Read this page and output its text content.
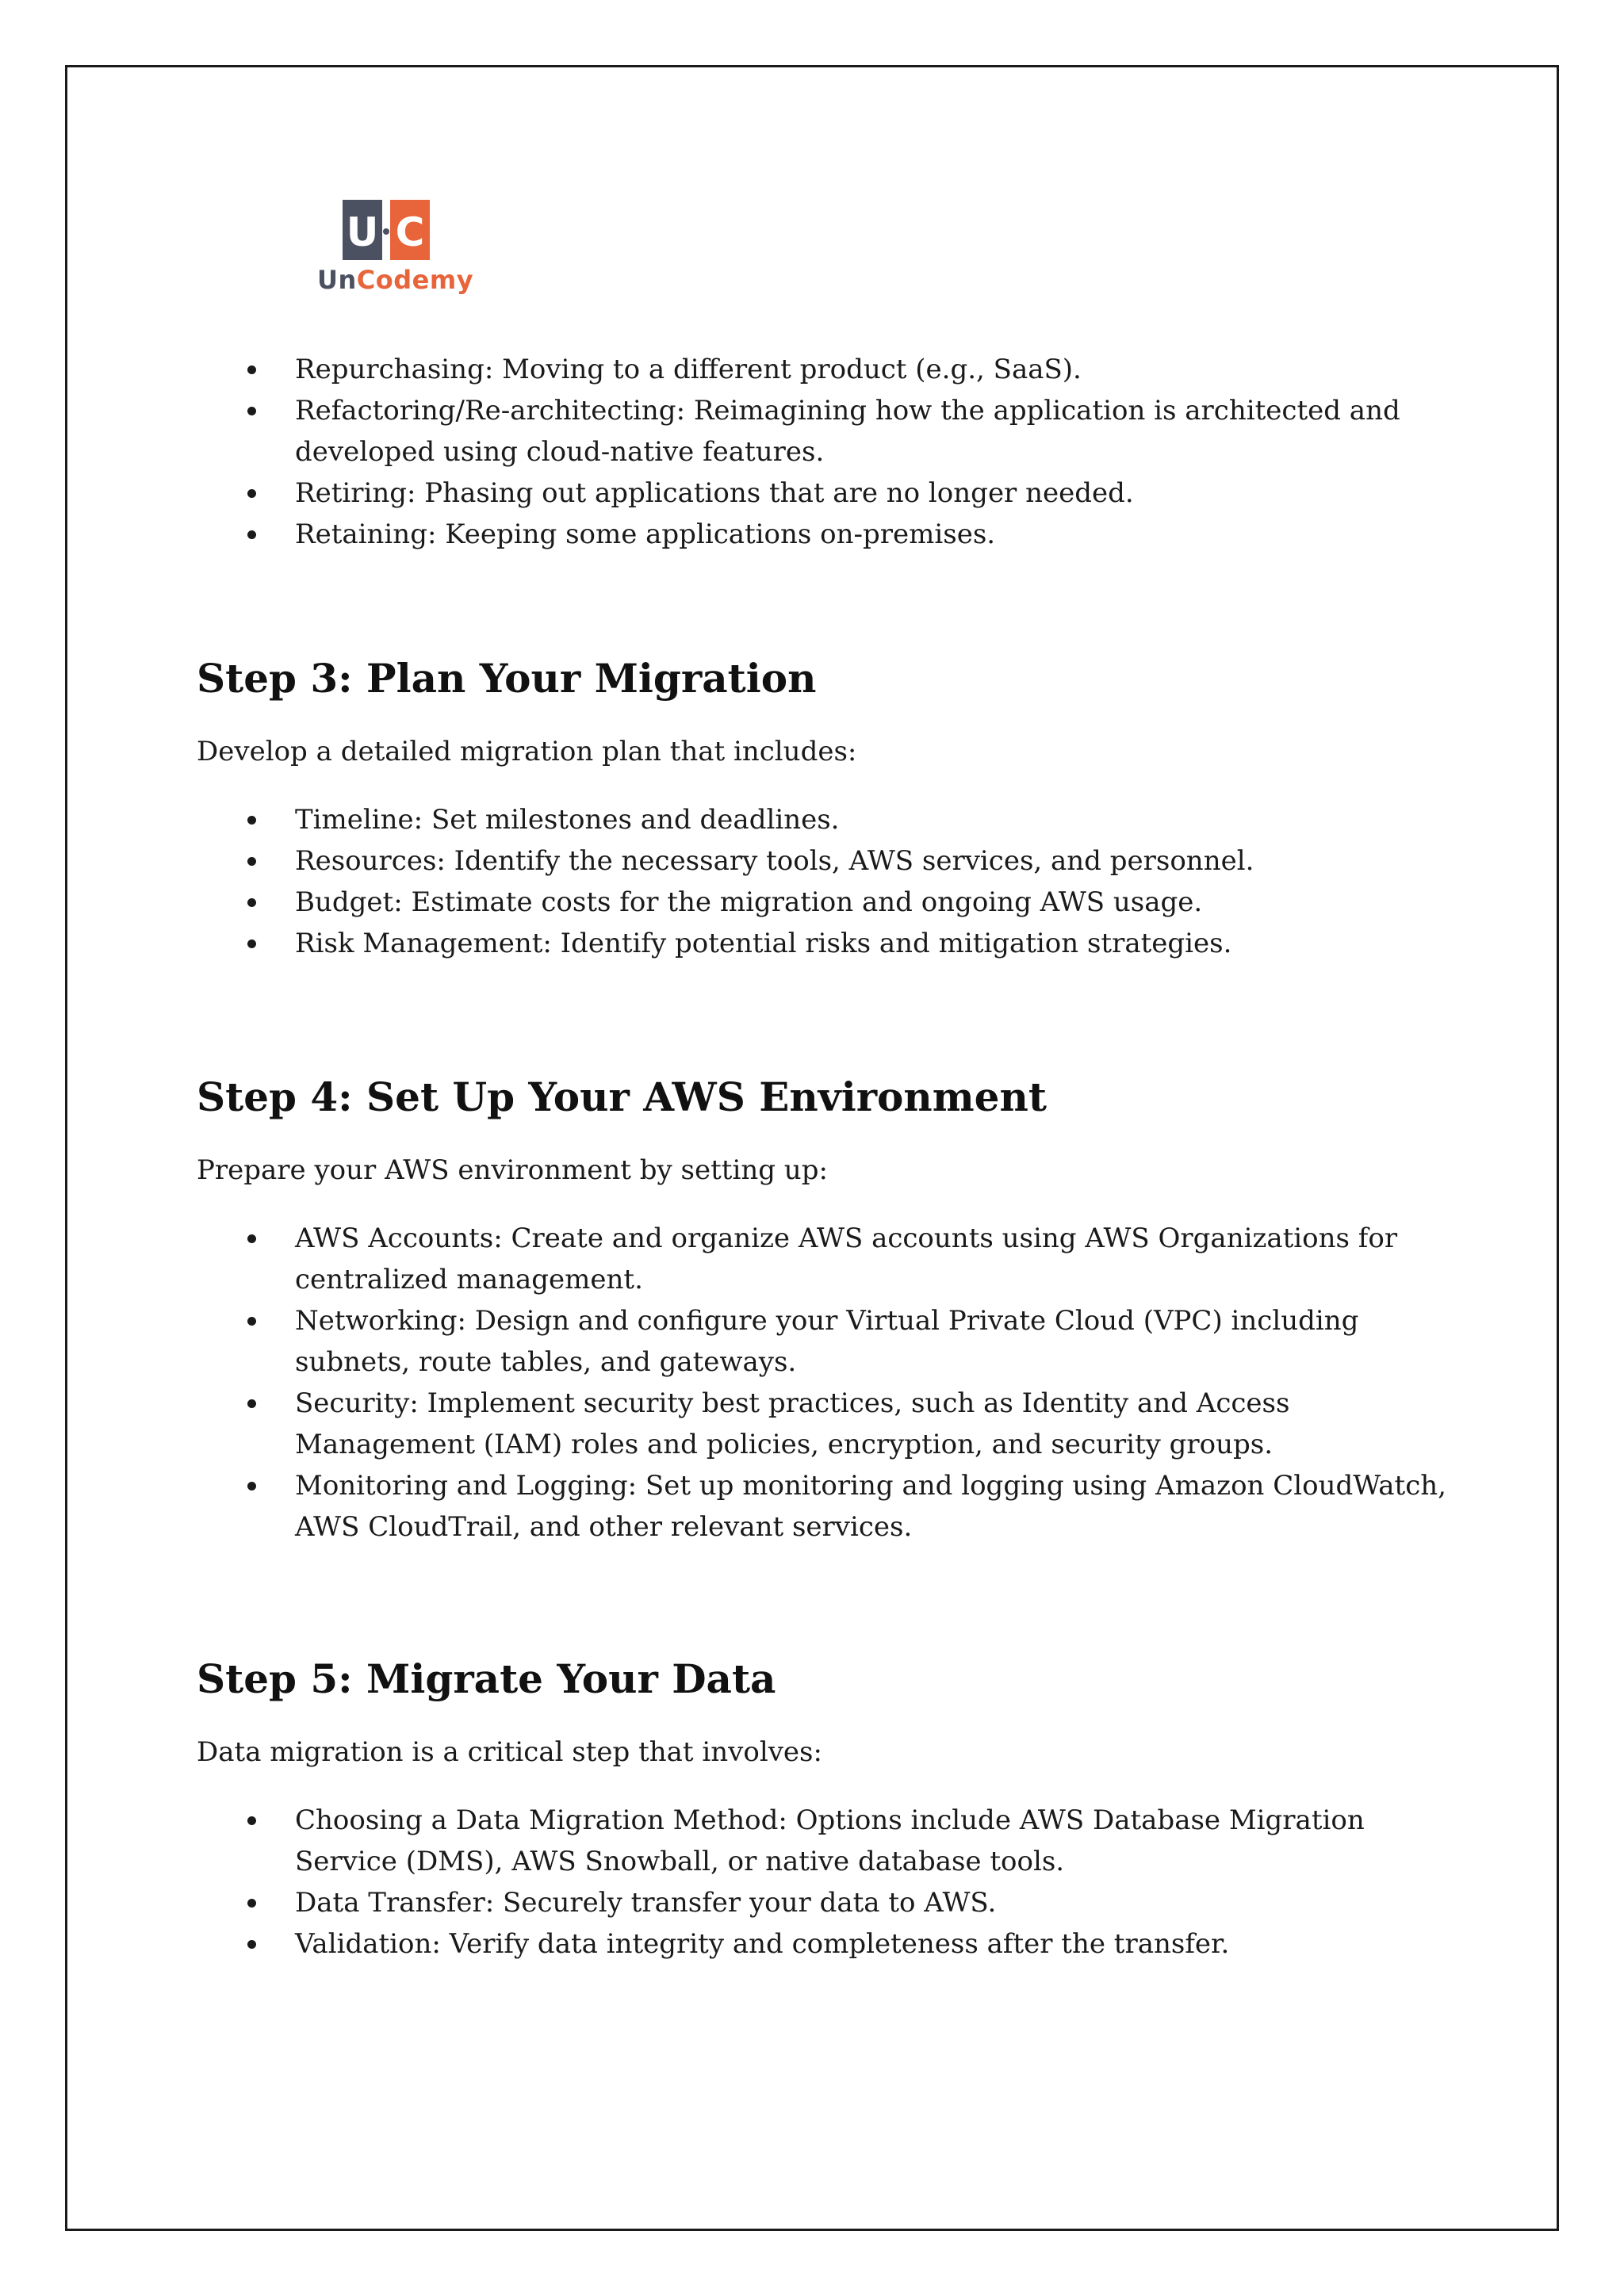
U C
UnCodemy
Repurchasing: Moving to a different product (e.g., SaaS).
Refactoring/Re-architecting: Reimagining how the application is architected and developed using cloud-native features.
Retiring: Phasing out applications that are no longer needed.
Retaining: Keeping some applications on-premises.
Step 3: Plan Your Migration

Develop a detailed migration plan that includes:

Timeline: Set milestones and deadlines.
Resources: Identify the necessary tools, AWS services, and personnel.
Budget: Estimate costs for the migration and ongoing AWS usage.
Risk Management: Identify potential risks and mitigation strategies.
Step 4: Set Up Your AWS Environment

Prepare your AWS environment by setting up:

AWS Accounts: Create and organize AWS accounts using AWS Organizations for centralized management.
Networking: Design and configure your Virtual Private Cloud (VPC) including subnets, route tables, and gateways.
Security: Implement security best practices, such as Identity and Access Management (IAM) roles and policies, encryption, and security groups.
Monitoring and Logging: Set up monitoring and logging using Amazon CloudWatch, AWS CloudTrail, and other relevant services.
Step 5: Migrate Your Data

Data migration is a critical step that involves:

Choosing a Data Migration Method: Options include AWS Database Migration Service (DMS), AWS Snowball, or native database tools.
Data Transfer: Securely transfer your data to AWS.
Validation: Verify data integrity and completeness after the transfer.
